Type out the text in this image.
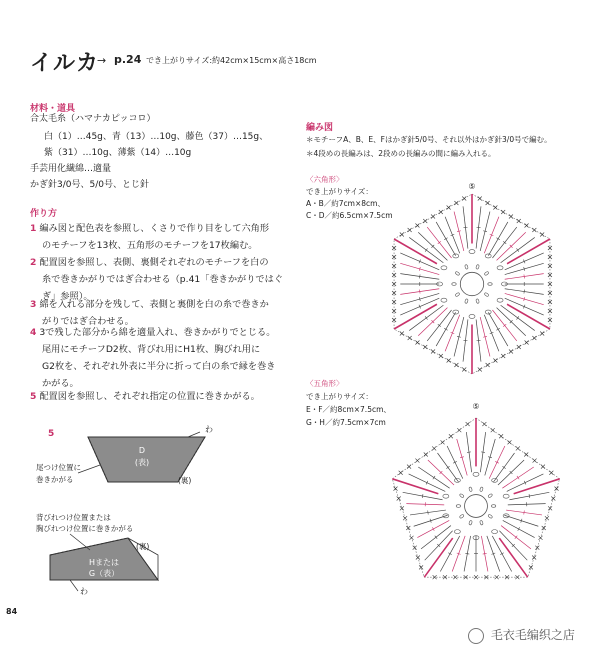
イルカ
→ p.24 でき上がりサイズ:約42cm×15cm×高さ18cm
材料・道具
合太毛糸（ハマナカピッコロ）
白（1）…45g、青（13）…10g、藤色（37）…15g、
紫（31）…10g、薄紫（14）…10g
手芸用化繊綿…適量
かぎ針3/0号、5/0号、とじ針
作り方
1 編み図と配色表を参照し、くさりで作り目をして六角形
のモチーフを13枚、五角形のモチーフを17枚編む。
2 配置図を参照し、表側、裏側それぞれのモチーフを白の
糸で巻きかがりではぎ合わせる（p.41「巻きかがりではぐ
ぎ」参照）。
3 綿を入れる部分を残して、表側と裏側を白の糸で巻きか
がりではぎ合わせる。
4 3で残した部分から綿を適量入れ、巻きかがりでとじる。
尾用にモチーフD2枚、背びれ用にH1枚、胸びれ用に
G2枚を、それぞれ外表に半分に折って白の糸で縁を巻き
かがる。
5 配置図を参照し、それぞれ指定の位置に巻きかがる。
5	わ
D
(表)
尾つけ位置に
巻きかがる	(裏)
背びれつけ位置または
胸びれつけ位置に巻きかがる
(裏)
Hまたは
G（表）
わ
編み図
＊モチーフA、B、E、Fはかぎ針5/0号、それ以外はかぎ針3/0号で編む。
＊4段めの長編みは、2段めの長編みの間に編み入れる。
〈六角形〉
でき上がりサイズ：
A・B／約7cm×8cm、
C・D／約6.5cm×7.5cm
〈五角形〉
でき上がりサイズ：
E・F／約8cm×7.5cm、
G・H／約7.5cm×7cm
⑤
⑤
84
毛衣毛编织之店
